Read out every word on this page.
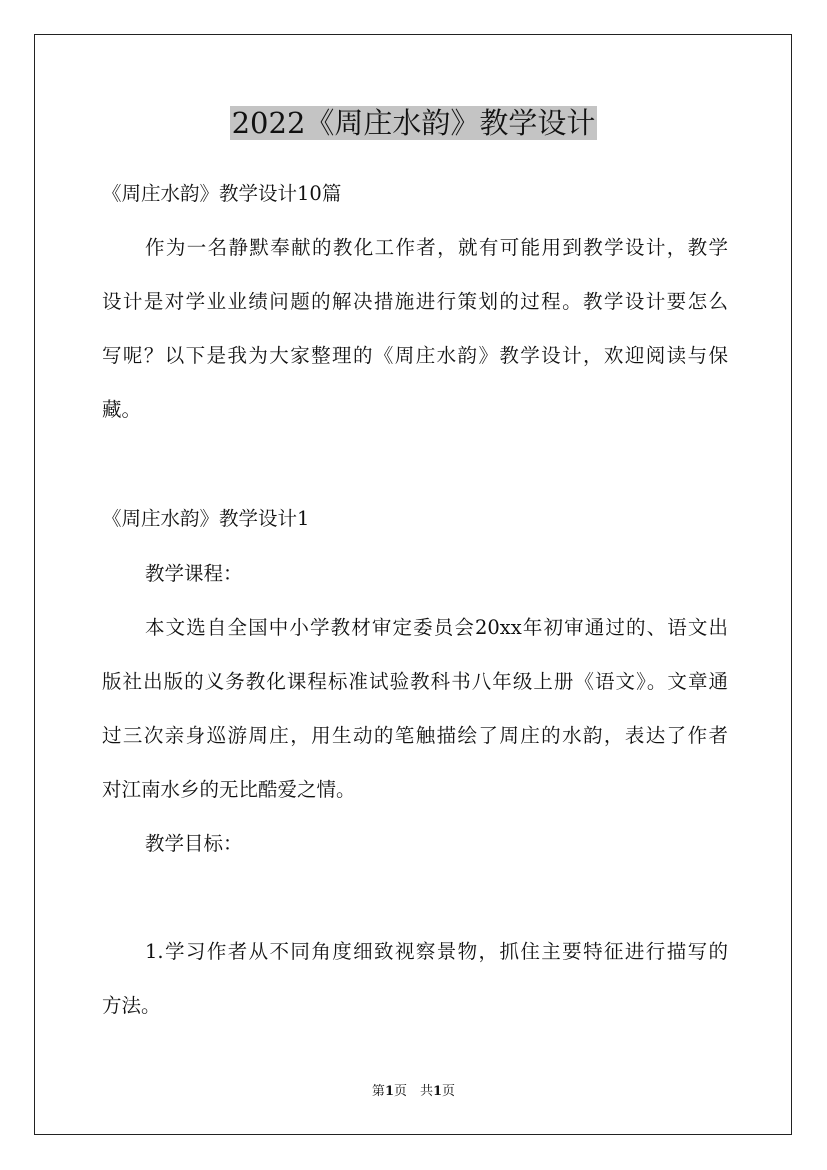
2022《周庄水韵》教学设计
《周庄水韵》教学设计10篇
作为一名静默奉献的教化工作者，就有可能用到教学设计，教学
设计是对学业业绩问题的解决措施进行策划的过程。教学设计要怎么
写呢？以下是我为大家整理的《周庄水韵》教学设计，欢迎阅读与保
藏。
《周庄水韵》教学设计1
教学课程：
本文选自全国中小学教材审定委员会20xx年初审通过的、语文出
版社出版的义务教化课程标准试验教科书八年级上册《语文》。文章通
过三次亲身巡游周庄，用生动的笔触描绘了周庄的水韵，表达了作者
对江南水乡的无比酷爱之情。
教学目标：
1.学习作者从不同角度细致视察景物，抓住主要特征进行描写的
方法。
第1页　共1页
